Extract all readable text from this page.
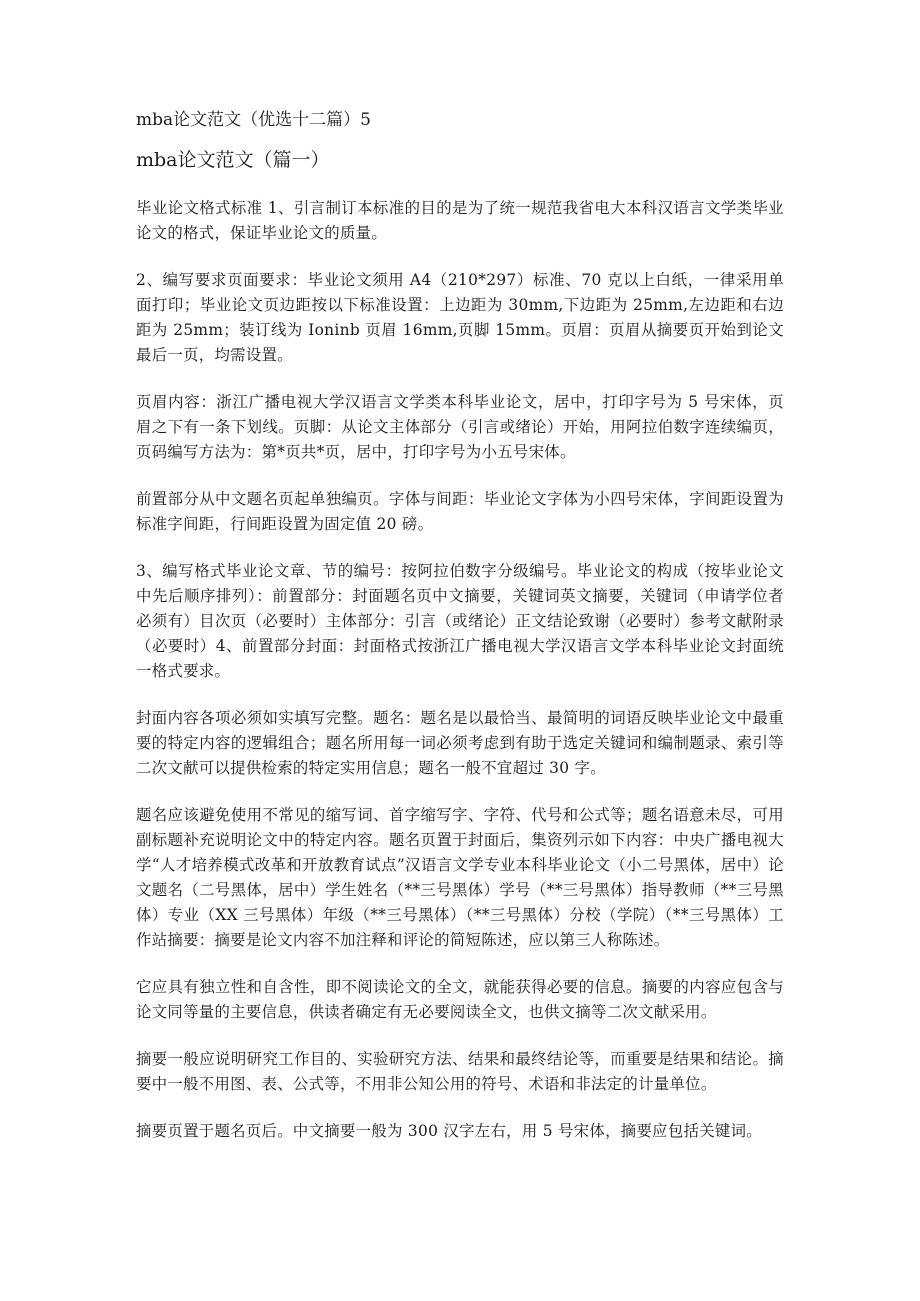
mba论文范文（优选十二篇）5
mba论文范文（篇一）

毕业论文格式标准 1、引言制订本标准的目的是为了统一规范我省电大本科汉语言文学类毕业论文的格式，保证毕业论文的质量。

2、编写要求页面要求：毕业论文须用 A4（210*297）标准、70 克以上白纸，一律采用单面打印；毕业论文页边距按以下标准设置：上边距为 30mm,下边距为 25mm,左边距和右边距为 25mm；装订线为 Ioninb 页眉 16mm,页脚 15mm。页眉：页眉从摘要页开始到论文最后一页，均需设置。

页眉内容：浙江广播电视大学汉语言文学类本科毕业论文，居中，打印字号为 5 号宋体，页眉之下有一条下划线。页脚：从论文主体部分（引言或绪论）开始，用阿拉伯数字连续编页，页码编写方法为：第*页共*页，居中，打印字号为小五号宋体。

前置部分从中文题名页起单独编页。字体与间距：毕业论文字体为小四号宋体，字间距设置为标准字间距，行间距设置为固定值 20 磅。

3、编写格式毕业论文章、节的编号：按阿拉伯数字分级编号。毕业论文的构成（按毕业论文中先后顺序排列）：前置部分：封面题名页中文摘要，关键词英文摘要，关键词（申请学位者必须有）目次页（必要时）主体部分：引言（或绪论）正文结论致谢（必要时）参考文献附录（必要时）4、前置部分封面：封面格式按浙江广播电视大学汉语言文学本科毕业论文封面统一格式要求。

封面内容各项必须如实填写完整。题名：题名是以最恰当、最简明的词语反映毕业论文中最重要的特定内容的逻辑组合；题名所用每一词必须考虑到有助于选定关键词和编制题录、索引等二次文献可以提供检索的特定实用信息；题名一般不宜超过 30 字。

题名应该避免使用不常见的缩写词、首字缩写字、字符、代号和公式等；题名语意未尽，可用副标题补充说明论文中的特定内容。题名页置于封面后，集资列示如下内容：中央广播电视大学“人才培养模式改革和开放教育试点”汉语言文学专业本科毕业论文（小二号黑体，居中）论文题名（二号黑体，居中）学生姓名（**三号黑体）学号（**三号黑体）指导教师（**三号黑体）专业（XX 三号黑体）年级（**三号黑体）（**三号黑体）分校（学院）（**三号黑体）工作站摘要：摘要是论文内容不加注释和评论的简短陈述，应以第三人称陈述。

它应具有独立性和自含性，即不阅读论文的全文，就能获得必要的信息。摘要的内容应包含与论文同等量的主要信息，供读者确定有无必要阅读全文，也供文摘等二次文献采用。

摘要一般应说明研究工作目的、实验研究方法、结果和最终结论等，而重要是结果和结论。摘要中一般不用图、表、公式等，不用非公知公用的符号、术语和非法定的计量单位。

摘要页置于题名页后。中文摘要一般为 300 汉字左右，用 5 号宋体，摘要应包括关键词。
